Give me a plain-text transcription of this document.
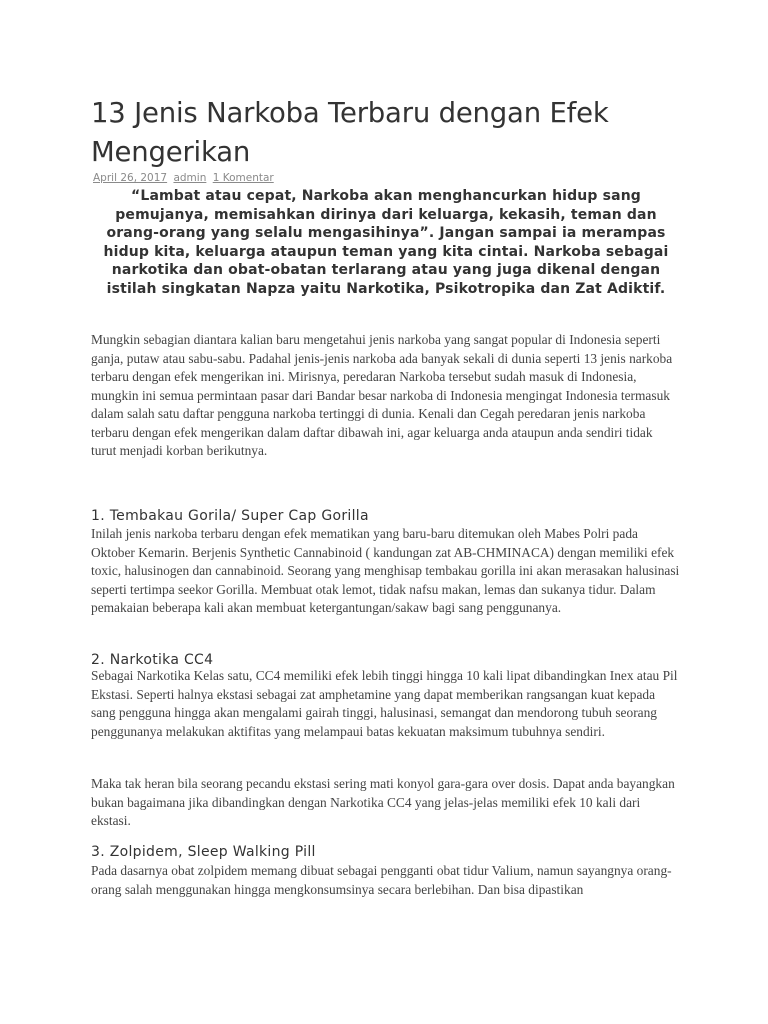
13 Jenis Narkoba Terbaru dengan Efek Mengerikan
April 26, 2017 admin 1 Komentar

“Lambat atau cepat, Narkoba akan menghancurkan hidup sang pemujanya, memisahkan dirinya dari keluarga, kekasih, teman dan orang-orang yang selalu mengasihinya”. Jangan sampai ia merampas hidup kita, keluarga ataupun teman yang kita cintai. Narkoba sebagai narkotika dan obat-obatan terlarang atau yang juga dikenal dengan istilah singkatan Napza yaitu Narkotika, Psikotropika dan Zat Adiktif.

Mungkin sebagian diantara kalian baru mengetahui jenis narkoba yang sangat popular di Indonesia seperti ganja, putaw atau sabu-sabu. Padahal jenis-jenis narkoba ada banyak sekali di dunia seperti 13 jenis narkoba terbaru dengan efek mengerikan ini. Mirisnya, peredaran Narkoba tersebut sudah masuk di Indonesia, mungkin ini semua permintaan pasar dari Bandar besar narkoba di Indonesia mengingat Indonesia termasuk dalam salah satu daftar pengguna narkoba tertinggi di dunia. Kenali dan Cegah peredaran jenis narkoba terbaru dengan efek mengerikan dalam daftar dibawah ini, agar keluarga anda ataupun anda sendiri tidak turut menjadi korban berikutnya.

1. Tembakau Gorila/ Super Cap Gorilla

Inilah jenis narkoba terbaru dengan efek mematikan yang baru-baru ditemukan oleh Mabes Polri pada Oktober Kemarin. Berjenis Synthetic Cannabinoid ( kandungan zat AB-CHMINACA) dengan memiliki efek toxic, halusinogen dan cannabinoid. Seorang yang menghisap tembakau gorilla ini akan merasakan halusinasi seperti tertimpa seekor Gorilla. Membuat otak lemot, tidak nafsu makan, lemas dan sukanya tidur. Dalam pemakaian beberapa kali akan membuat ketergantungan/sakaw bagi sang penggunanya.

2. Narkotika CC4

Sebagai Narkotika Kelas satu, CC4 memiliki efek lebih tinggi hingga 10 kali lipat dibandingkan Inex atau Pil Ekstasi. Seperti halnya ekstasi sebagai zat amphetamine yang dapat memberikan rangsangan kuat kepada sang pengguna hingga akan mengalami gairah tinggi, halusinasi, semangat dan mendorong tubuh seorang penggunanya melakukan aktifitas yang melampaui batas kekuatan maksimum tubuhnya sendiri.

Maka tak heran bila seorang pecandu ekstasi sering mati konyol gara-gara over dosis. Dapat anda bayangkan bukan bagaimana jika dibandingkan dengan Narkotika CC4 yang jelas-jelas memiliki efek 10 kali dari ekstasi.

3. Zolpidem, Sleep Walking Pill

Pada dasarnya obat zolpidem memang dibuat sebagai pengganti obat tidur Valium, namun sayangnya orang-orang salah menggunakan hingga mengkonsumsinya secara berlebihan. Dan bisa dipastikan
